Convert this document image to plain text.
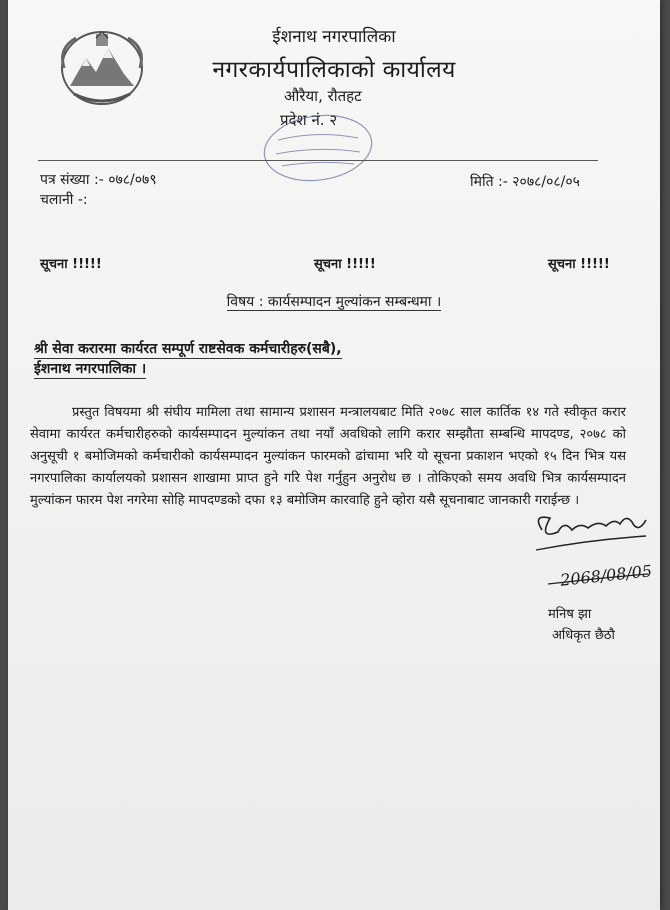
ईशनाथ नगरपालिका
नगरकार्यपालिकाको कार्यालय
औरैया, रौतहट
प्रदेश नं. २
पत्र संख्या :- ०७८/०७९	मिति :- २०७८/०८/०५
चलानी -:
सूचना !!!!!	सूचना !!!!!	सूचना !!!!!
विषय : कार्यसम्पादन मुल्यांकन सम्बन्धमा ।
श्री सेवा करारमा कार्यरत सम्पूर्ण राष्टसेवक कर्मचारीहरु(सबै),
ईशनाथ नगरपालिका ।
प्रस्तुत विषयमा श्री संघीय मामिला तथा सामान्य प्रशासन मन्त्रालयबाट मिति २०७८ साल कार्तिक १४ गते स्वीकृत करार सेवामा कार्यरत कर्मचारीहरुको कार्यसम्पादन मुल्यांकन तथा नयाँ अवधिको लागि करार सम्झौता सम्बन्धि मापदण्ड, २०७८ को अनुसूची १ बमोजिमको कर्मचारीको कार्यसम्पादन मुल्यांकन फारमको ढांचामा भरि यो सूचना प्रकाशन भएको १५ दिन भित्र यस नगरपालिका कार्यालयको प्रशासन शाखामा प्राप्त हुने गरि पेश गर्नुहुन अनुरोध छ । तोकिएको समय अवधि भित्र कार्यसम्पादन मुल्यांकन फारम पेश नगरेमा सोहि मापदण्डको दफा १३ बमोजिम कारवाहि हुने व्होरा यसै सूचनाबाट जानकारी गराईन्छ ।
2068/08/05
मनिष झा
अधिकृत छैठौ
